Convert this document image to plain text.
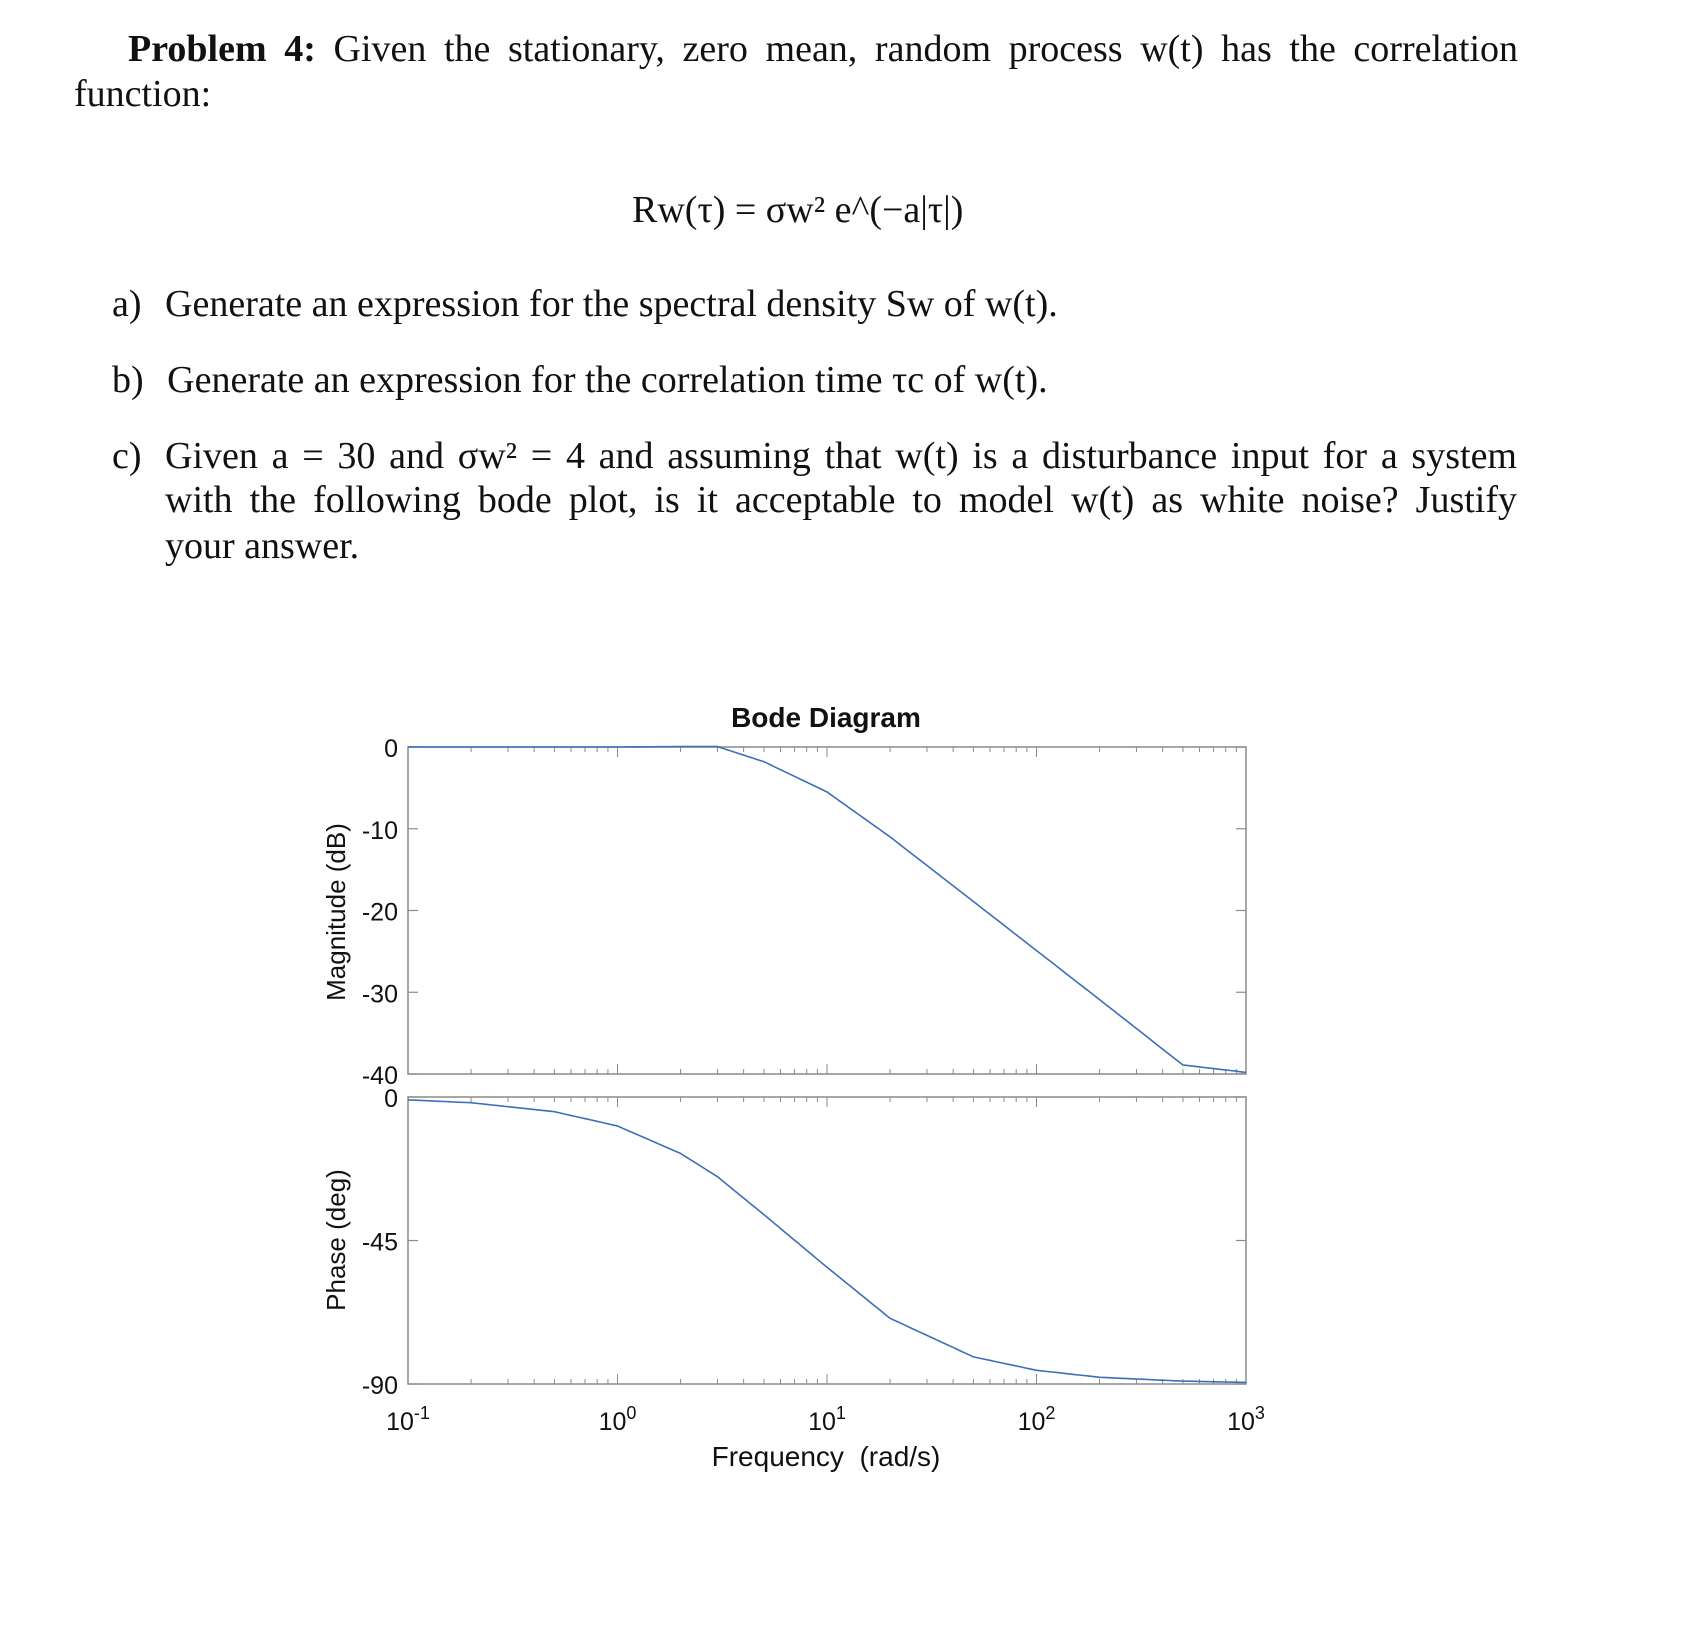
Problem 4: Given the stationary, zero mean, random process w(t) has the correlation
function:
Rw(τ) = σw² e^(−a|τ|)
a) Generate an expression for the spectral density Sw of w(t).
b) Generate an expression for the correlation time τc of w(t).
c) Given a = 30 and σw² = 4 and assuming that w(t) is a disturbance input for a system
with the following bode plot, is it acceptable to model w(t) as white noise? Justify
your answer.
Bode Diagram
0
-10
-20
-30
-40
0
-45
-90
$10^{-1}$	$10^0$	$10^1$	$10^2$	$10^3$
Magnitude (dB)
Phase (deg)
Frequency  (rad/s)
